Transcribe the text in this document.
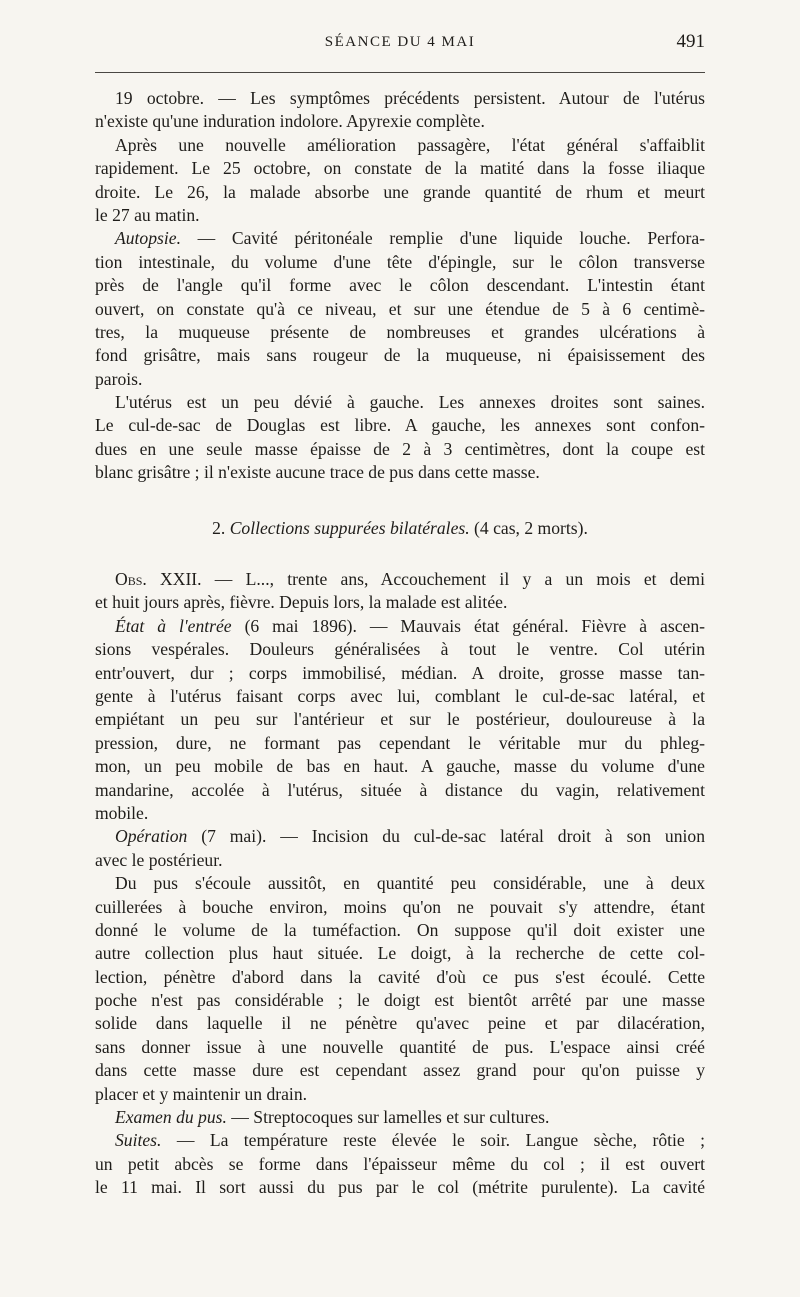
SÉANCE DU 4 MAI	491
19 octobre. — Les symptômes précédents persistent. Autour de l'utérus
n'existe qu'une induration indolore. Apyrexie complète.
Après une nouvelle amélioration passagère, l'état général s'affaiblit
rapidement. Le 25 octobre, on constate de la matité dans la fosse iliaque
droite. Le 26, la malade absorbe une grande quantité de rhum et meurt
le 27 au matin.
Autopsie. — Cavité péritonéale remplie d'une liquide louche. Perfora-
tion intestinale, du volume d'une tête d'épingle, sur le côlon transverse
près de l'angle qu'il forme avec le côlon descendant. L'intestin étant
ouvert, on constate qu'à ce niveau, et sur une étendue de 5 à 6 centimè-
tres, la muqueuse présente de nombreuses et grandes ulcérations à
fond grisâtre, mais sans rougeur de la muqueuse, ni épaisissement des
parois.
L'utérus est un peu dévié à gauche. Les annexes droites sont saines.
Le cul-de-sac de Douglas est libre. A gauche, les annexes sont confon-
dues en une seule masse épaisse de 2 à 3 centimètres, dont la coupe est
blanc grisâtre ; il n'existe aucune trace de pus dans cette masse.
2. Collections suppurées bilatérales. (4 cas, 2 morts).
Obs. XXII. — L..., trente ans, Accouchement il y a un mois et demi
et huit jours après, fièvre. Depuis lors, la malade est alitée.
État à l'entrée (6 mai 1896). — Mauvais état général. Fièvre à ascen-
sions vespérales. Douleurs généralisées à tout le ventre. Col utérin
entr'ouvert, dur ; corps immobilisé, médian. A droite, grosse masse tan-
gente à l'utérus faisant corps avec lui, comblant le cul-de-sac latéral, et
empiétant un peu sur l'antérieur et sur le postérieur, douloureuse à la
pression, dure, ne formant pas cependant le véritable mur du phleg-
mon, un peu mobile de bas en haut. A gauche, masse du volume d'une
mandarine, accolée à l'utérus, située à distance du vagin, relativement
mobile.
Opération (7 mai). — Incision du cul-de-sac latéral droit à son union
avec le postérieur.
Du pus s'écoule aussitôt, en quantité peu considérable, une à deux
cuillerées à bouche environ, moins qu'on ne pouvait s'y attendre, étant
donné le volume de la tuméfaction. On suppose qu'il doit exister une
autre collection plus haut située. Le doigt, à la recherche de cette col-
lection, pénètre d'abord dans la cavité d'où ce pus s'est écoulé. Cette
poche n'est pas considérable ; le doigt est bientôt arrêté par une masse
solide dans laquelle il ne pénètre qu'avec peine et par dilacération,
sans donner issue à une nouvelle quantité de pus. L'espace ainsi créé
dans cette masse dure est cependant assez grand pour qu'on puisse y
placer et y maintenir un drain.
Examen du pus. — Streptocoques sur lamelles et sur cultures.
Suites. — La température reste élevée le soir. Langue sèche, rôtie ;
un petit abcès se forme dans l'épaisseur même du col ; il est ouvert
le 11 mai. Il sort aussi du pus par le col (métrite purulente). La cavité
